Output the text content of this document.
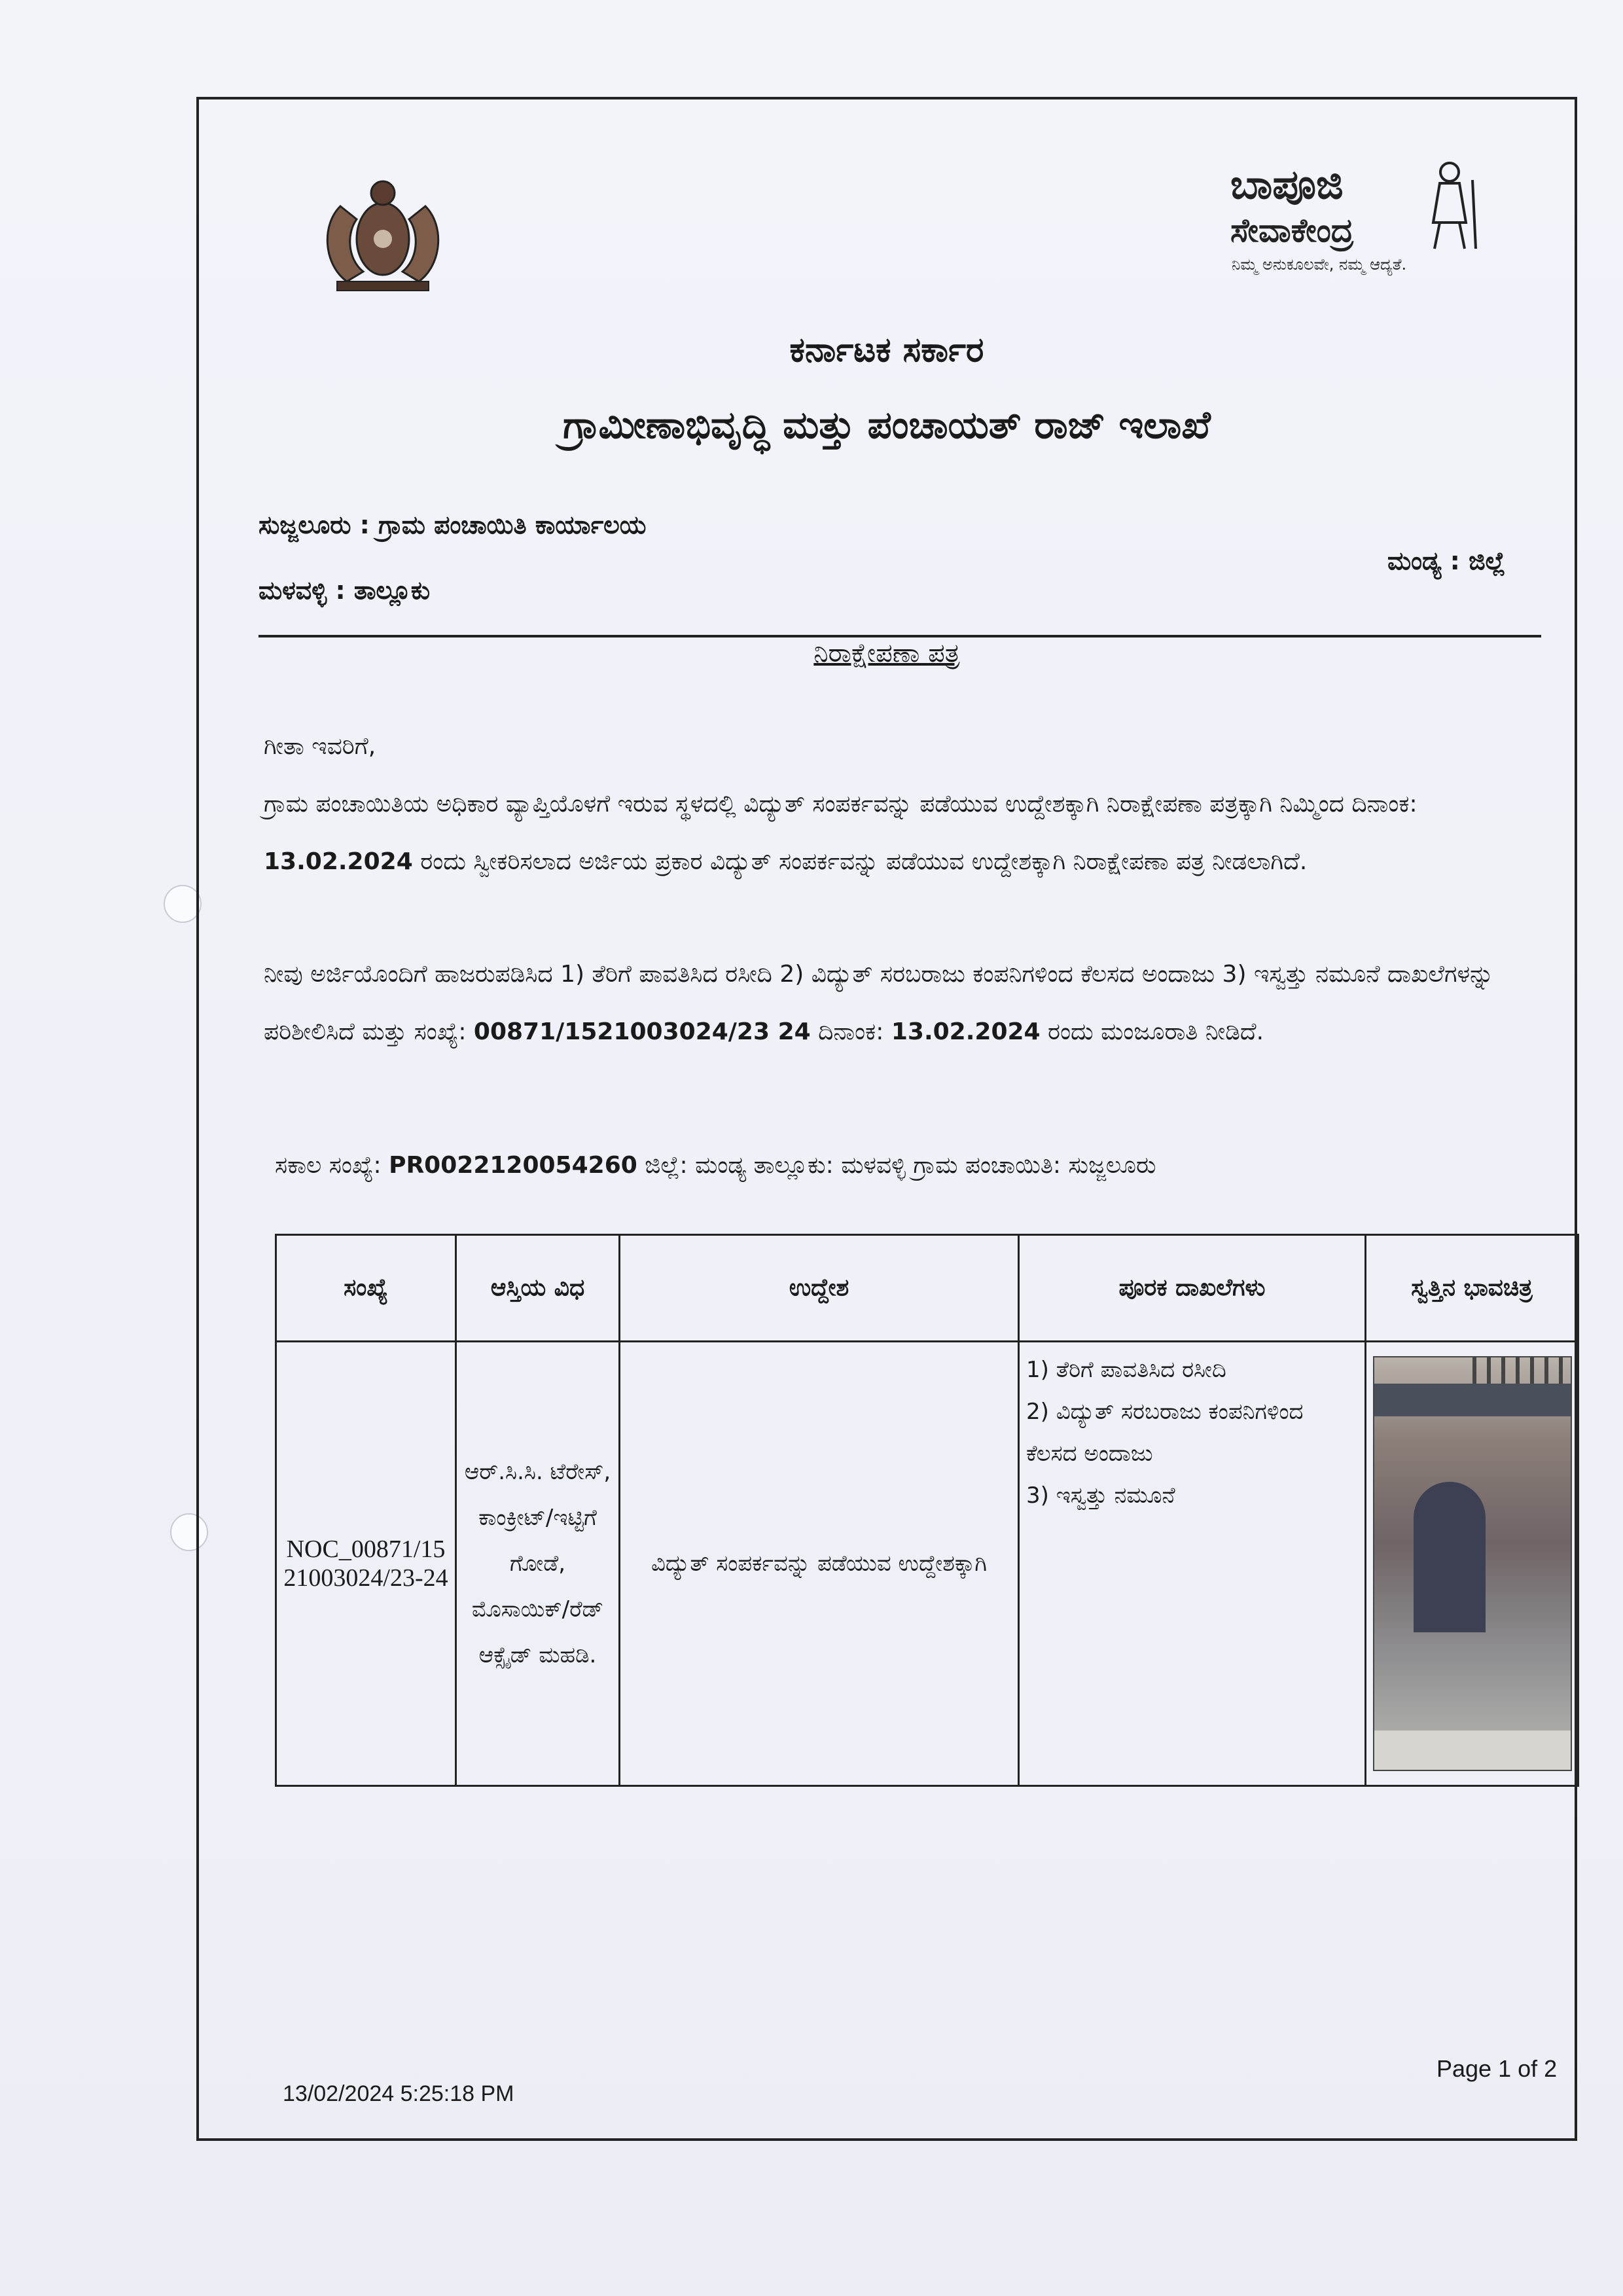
ಬಾಪೂಜಿ
ಸೇವಾಕೇಂದ್ರ
ನಿಮ್ಮ ಅನುಕೂಲವೇ, ನಮ್ಮ ಆದ್ಯತೆ.
ಕರ್ನಾಟಕ ಸರ್ಕಾರ
ಗ್ರಾಮೀಣಾಭಿವೃದ್ಧಿ ಮತ್ತು ಪಂಚಾಯತ್ ರಾಜ್ ಇಲಾಖೆ
ಸುಜ್ಜಲೂರು : ಗ್ರಾಮ ಪಂಚಾಯಿತಿ ಕಾರ್ಯಾಲಯ
ಮಂಡ್ಯ : ಜಿಲ್ಲೆ
ಮಳವಳ್ಳಿ : ತಾಲ್ಲೂಕು
ನಿರಾಕ್ಷೇಪಣಾ ಪತ್ರ
ಗೀತಾ ಇವರಿಗೆ,
ಗ್ರಾಮ ಪಂಚಾಯಿತಿಯ ಅಧಿಕಾರ ವ್ಯಾಪ್ತಿಯೊಳಗೆ ಇರುವ ಸ್ಥಳದಲ್ಲಿ ವಿದ್ಯುತ್ ಸಂಪರ್ಕವನ್ನು ಪಡೆಯುವ ಉದ್ದೇಶಕ್ಕಾಗಿ ನಿರಾಕ್ಷೇಪಣಾ ಪತ್ರಕ್ಕಾಗಿ ನಿಮ್ಮಿಂದ ದಿನಾಂಕ: 13.02.2024 ರಂದು ಸ್ವೀಕರಿಸಲಾದ ಅರ್ಜಿಯ ಪ್ರಕಾರ ವಿದ್ಯುತ್ ಸಂಪರ್ಕವನ್ನು ಪಡೆಯುವ ಉದ್ದೇಶಕ್ಕಾಗಿ ನಿರಾಕ್ಷೇಪಣಾ ಪತ್ರ ನೀಡಲಾಗಿದೆ.
ನೀವು ಅರ್ಜಿಯೊಂದಿಗೆ ಹಾಜರುಪಡಿಸಿದ 1) ತೆರಿಗೆ ಪಾವತಿಸಿದ ರಸೀದಿ 2) ವಿದ್ಯುತ್ ಸರಬರಾಜು ಕಂಪನಿಗಳಿಂದ ಕೆಲಸದ ಅಂದಾಜು 3) ಇಸ್ವತ್ತು ನಮೂನೆ ದಾಖಲೆಗಳನ್ನು ಪರಿಶೀಲಿಸಿದೆ ಮತ್ತು ಸಂಖ್ಯೆ: 00871/1521003024/23 24 ದಿನಾಂಕ: 13.02.2024 ರಂದು ಮಂಜೂರಾತಿ ನೀಡಿದೆ.
ಸಕಾಲ ಸಂಖ್ಯೆ: PR0022120054260 ಜಿಲ್ಲೆ: ಮಂಡ್ಯ ತಾಲ್ಲೂಕು: ಮಳವಳ್ಳಿ ಗ್ರಾಮ ಪಂಚಾಯಿತಿ: ಸುಜ್ಜಲೂರು
ಸಂಖ್ಯೆ	ಆಸ್ತಿಯ ವಿಧ	ಉದ್ದೇಶ	ಪೂರಕ ದಾಖಲೆಗಳು	ಸ್ವತ್ತಿನ ಭಾವಚಿತ್ರ
NOC_00871/1521003024/23-24	ಆರ್.ಸಿ.ಸಿ. ಟೆರೇಸ್, ಕಾಂಕ್ರೀಟ್/ಇಟ್ಟಿಗೆ ಗೋಡೆ, ಮೊಸಾಯಿಕ್/ರೆಡ್ ಆಕ್ಸೈಡ್ ಮಹಡಿ.	ವಿದ್ಯುತ್ ಸಂಪರ್ಕವನ್ನು ಪಡೆಯುವ ಉದ್ದೇಶಕ್ಕಾಗಿ	1) ತೆರಿಗೆ ಪಾವತಿಸಿದ ರಸೀದಿ
2) ವಿದ್ಯುತ್ ಸರಬರಾಜು ಕಂಪನಿಗಳಿಂದ ಕೆಲಸದ ಅಂದಾಜು
3) ಇಸ್ವತ್ತು ನಮೂನೆ	

13/02/2024 5:25:18 PM
Page 1 of 2
